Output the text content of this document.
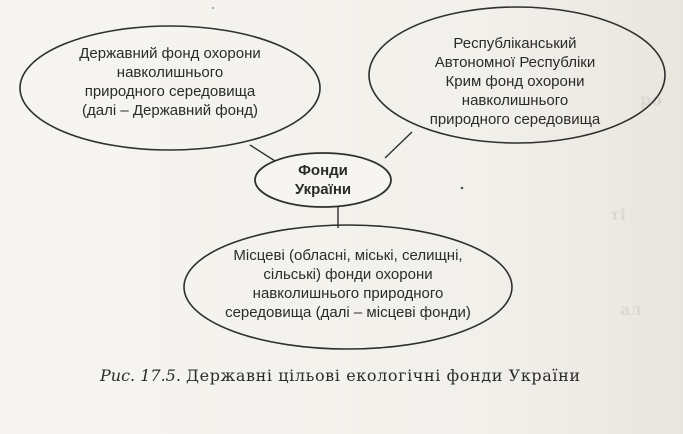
ро
ті
ал
Державний фонд охорони
навколишнього
природного середовища
(далі – Державний фонд)
Республіканський
Автономної Республіки
Крим фонд охорони
навколишнього
природного середовища
Фонди
України
Місцеві (обласні, міські, селищні,
сільські) фонди охорони
навколишнього природного
середовища (далі – місцеві фонди)
Рис. 17.5. Державні цільові екологічні фонди України
